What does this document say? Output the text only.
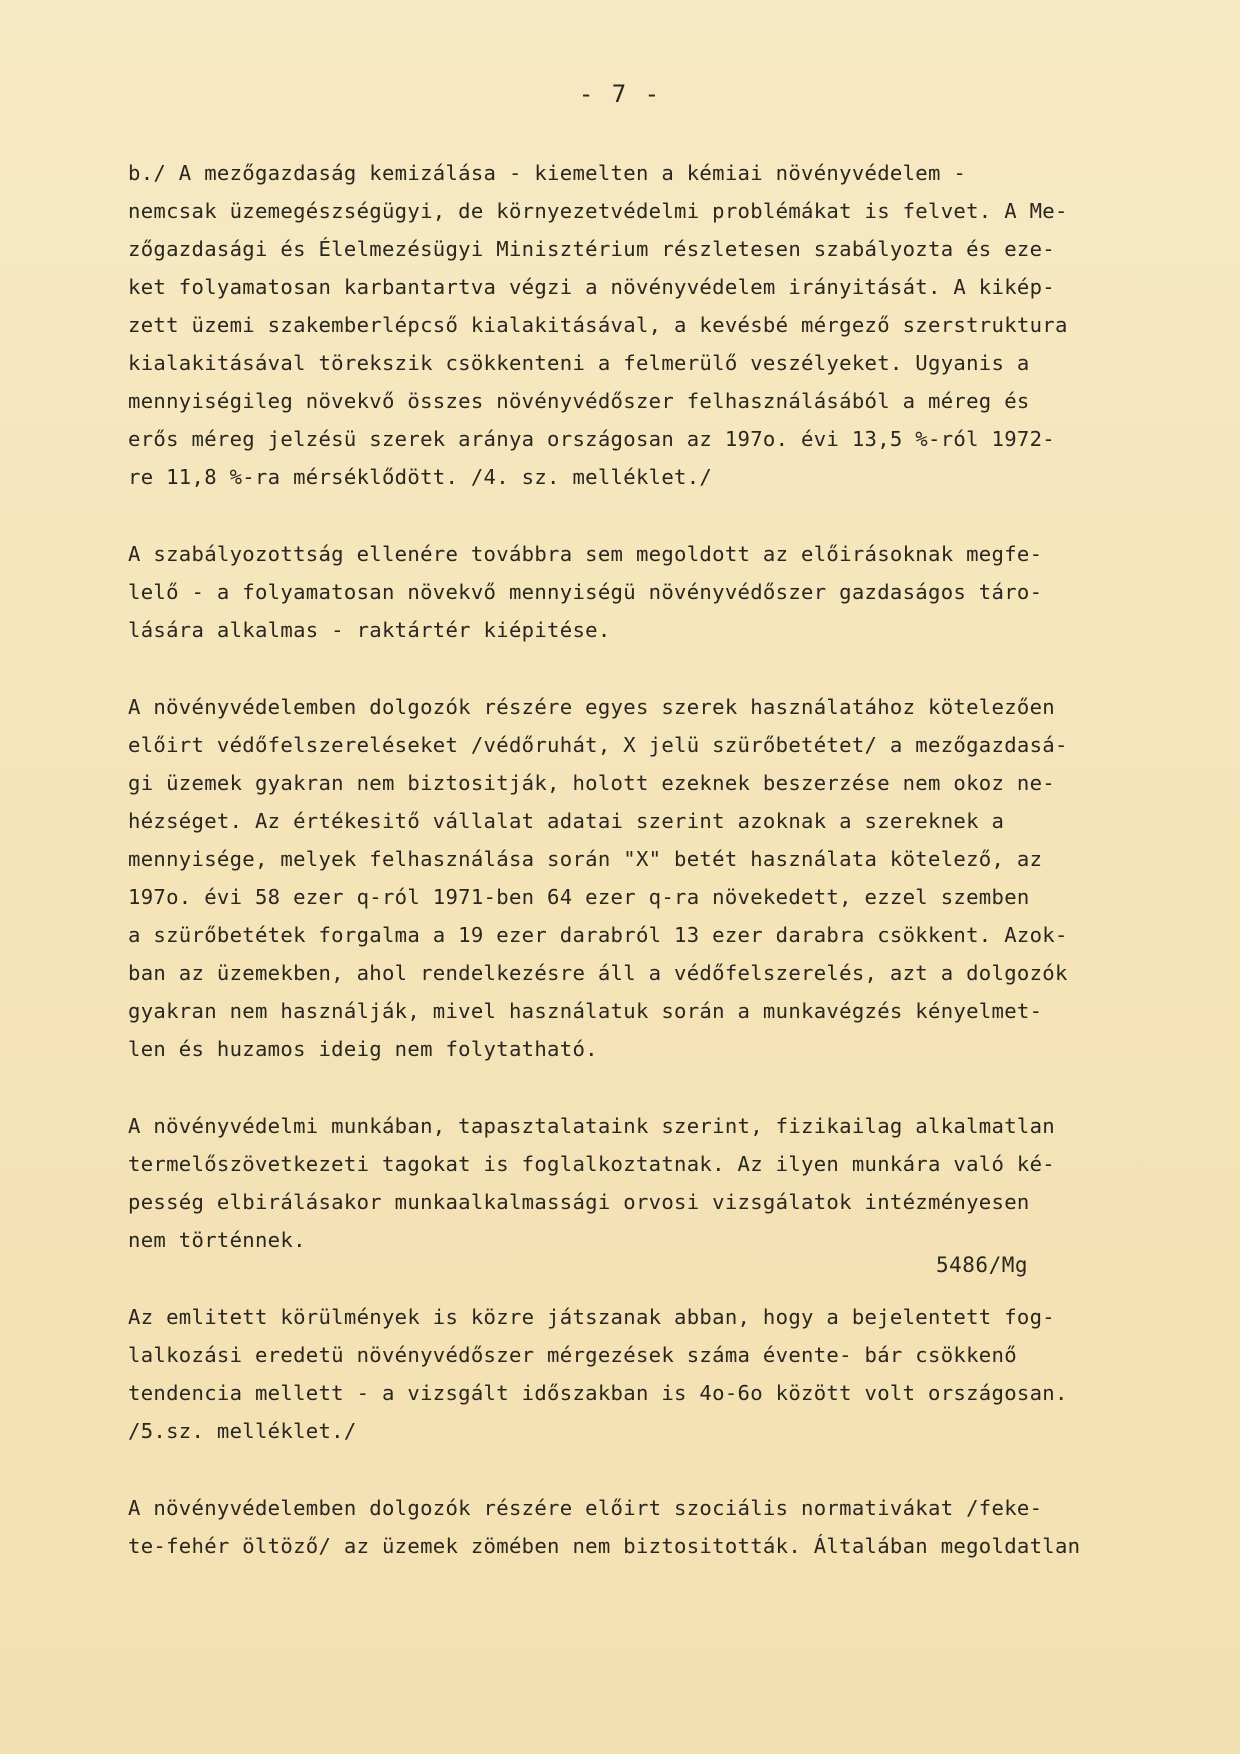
- 7 -
b./ A mezőgazdaság kemizálása - kiemelten a kémiai növényvédelem -
nemcsak üzemegészségügyi, de környezetvédelmi problémákat is felvet. A Me-
zőgazdasági és Élelmezésügyi Minisztérium részletesen szabályozta és eze-
ket folyamatosan karbantartva végzi a növényvédelem irányitását. A kikép-
zett üzemi szakemberlépcső kialakitásával, a kevésbé mérgező szerstruktura
kialakitásával törekszik csökkenteni a felmerülő veszélyeket. Ugyanis a
mennyiségileg növekvő összes növényvédőszer felhasználásából a méreg és
erős méreg jelzésü szerek aránya országosan az 197o. évi 13,5 %-ról 1972-
re 11,8 %-ra mérséklődött. /4. sz. melléklet./
A szabályozottság ellenére továbbra sem megoldott az előirásoknak megfe-
lelő - a folyamatosan növekvő mennyiségü növényvédőszer gazdaságos táro-
lására alkalmas - raktártér kiépitése.
A növényvédelemben dolgozók részére egyes szerek használatához kötelezően
előirt védőfelszereléseket /védőruhát, X jelü szürőbetétet/ a mezőgazdasá-
gi üzemek gyakran nem biztositják, holott ezeknek beszerzése nem okoz ne-
hézséget. Az értékesitő vállalat adatai szerint azoknak a szereknek a
mennyisége, melyek felhasználása során "X" betét használata kötelező, az
197o. évi 58 ezer q-ról 1971-ben 64 ezer q-ra növekedett, ezzel szemben
a szürőbetétek forgalma a 19 ezer darabról 13 ezer darabra csökkent. Azok-
ban az üzemekben, ahol rendelkezésre áll a védőfelszerelés, azt a dolgozók
gyakran nem használják, mivel használatuk során a munkavégzés kényelmet-
len és huzamos ideig nem folytatható.
A növényvédelmi munkában, tapasztalataink szerint, fizikailag alkalmatlan
termelőszövetkezeti tagokat is foglalkoztatnak. Az ilyen munkára való ké-
pesség elbirálásakor munkaalkalmassági orvosi vizsgálatok intézményesen
nem történnek.
Az emlitett körülmények is közre játszanak abban, hogy a bejelentett fog-
lalkozási eredetü növényvédőszer mérgezések száma évente- bár csökkenő
tendencia mellett - a vizsgált időszakban is 4o-6o között volt országosan.
/5.sz. melléklet./
A növényvédelemben dolgozók részére előirt szociális normativákat /feke-
te-fehér öltöző/ az üzemek zömében nem biztositották. Általában megoldatlan
5486/Mg
